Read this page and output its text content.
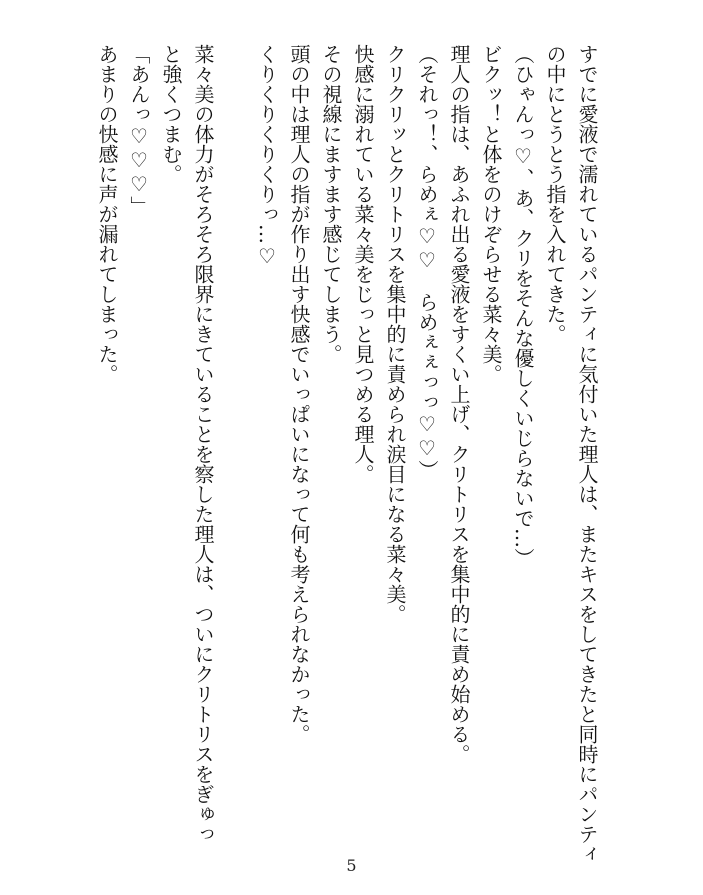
すでに愛液で濡れているパンティに気付いた理人は、またキスをしてきたと同時にパンティ
の中にとうとう指を入れてきた。
（ひゃんっ♡、あ、クリをそんな優しくいじらないで…）
ビクッ！と体をのけぞらせる菜々美。
理人の指は、あふれ出る愛液をすくい上げ、クリトリスを集中的に責め始める。
（それっ！、らめぇ♡♡　らめぇぇっっ♡♡）
クリクリッとクリトリスを集中的に責められ涙目になる菜々美。
快感に溺れている菜々美をじっと見つめる理人。
その視線にますます感じてしまう。
頭の中は理人の指が作り出す快感でいっぱいになって何も考えられなかった。
くりくりくりくりっ…♡
菜々美の体力がそろそろ限界にきていることを察した理人は、ついにクリトリスをぎゅっ
と強くつまむ。
「あんっ♡♡♡」
あまりの快感に声が漏れてしまった。
5
